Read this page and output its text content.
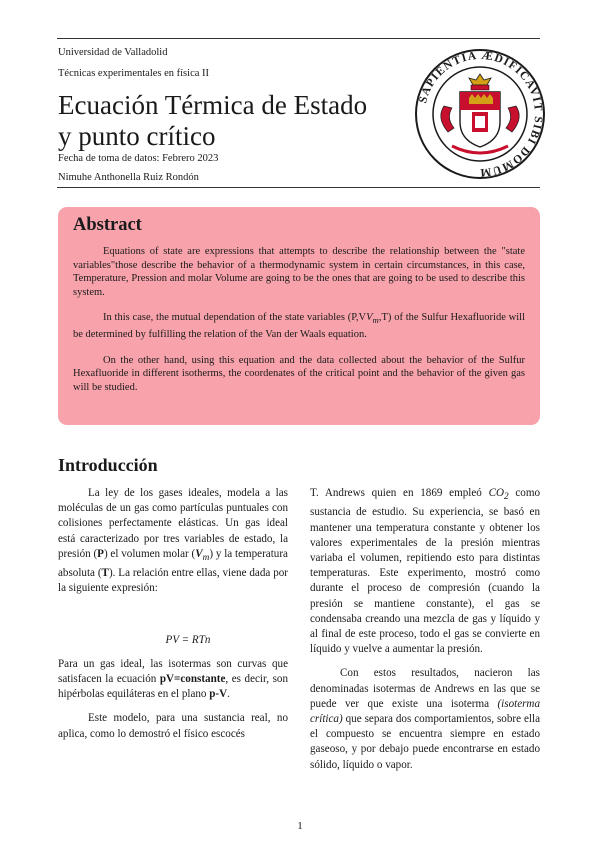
Universidad de Valladolid
Técnicas experimentales en física II
Ecuación Térmica de Estado
y punto crítico
Fecha de toma de datos: Febrero 2023
Nimuhe Anthonella Ruiz Rondón
SAPIENTIA ÆDIFICAVIT SIBI DOMUM
Abstract

Equations of state are expressions that attempts to describe the relationship between the "state variables"those describe the behavior of a thermodynamic system in certain circumstances, in this case, Temperature, Pression and molar Volume are going to be the ones that are going to be used to describe this system.

In this case, the mutual dependation of the state variables $(P,VV_m,T)$ of the Sulfur Hexafluoride will be determined by fulfilling the relation of the Van der Waals equation.

On the other hand, using this equation and the data collected about the behavior of the Sulfur Hexafluoride in different isotherms, the coordenates of the critical point and the behavior of the given gas will be studied.

Introducción

La ley de los gases ideales, modela a las moléculas de un gas como partículas puntuales con colisiones perfectamente elásticas. Un gas ideal está caracterizado por tres variables de estado, la presión (P) el volumen molar $(V_m)$ y la temperatura absoluta (T). La relación entre ellas, viene dada por la siguiente expresión:

PV = RTn

Para un gas ideal, las isotermas son curvas que satisfacen la ecuación pV=constante, es decir, son hipérbolas equiláteras en el plano p-V.

Este modelo, para una sustancia real, no aplica, como lo demostró el físico escocés

T. Andrews quien en 1869 empleó $CO_2$ como sustancia de estudio. Su experiencia, se basó en mantener una temperatura constante y obtener los valores experimentales de la presión mientras variaba el volumen, repitiendo esto para distintas temperaturas. Este experimento, mostró como durante el proceso de compresión (cuando la presión se mantiene constante), el gas se condensaba creando una mezcla de gas y líquido y al final de este proceso, todo el gas se convierte en líquido y vuelve a aumentar la presión.

Con estos resultados, nacieron las denominadas isotermas de Andrews en las que se puede ver que existe una isoterma (isoterma crítica) que separa dos comportamientos, sobre ella el compuesto se encuentra siempre en estado gaseoso, y por debajo puede encontrarse en estado sólido, líquido o vapor.

1
